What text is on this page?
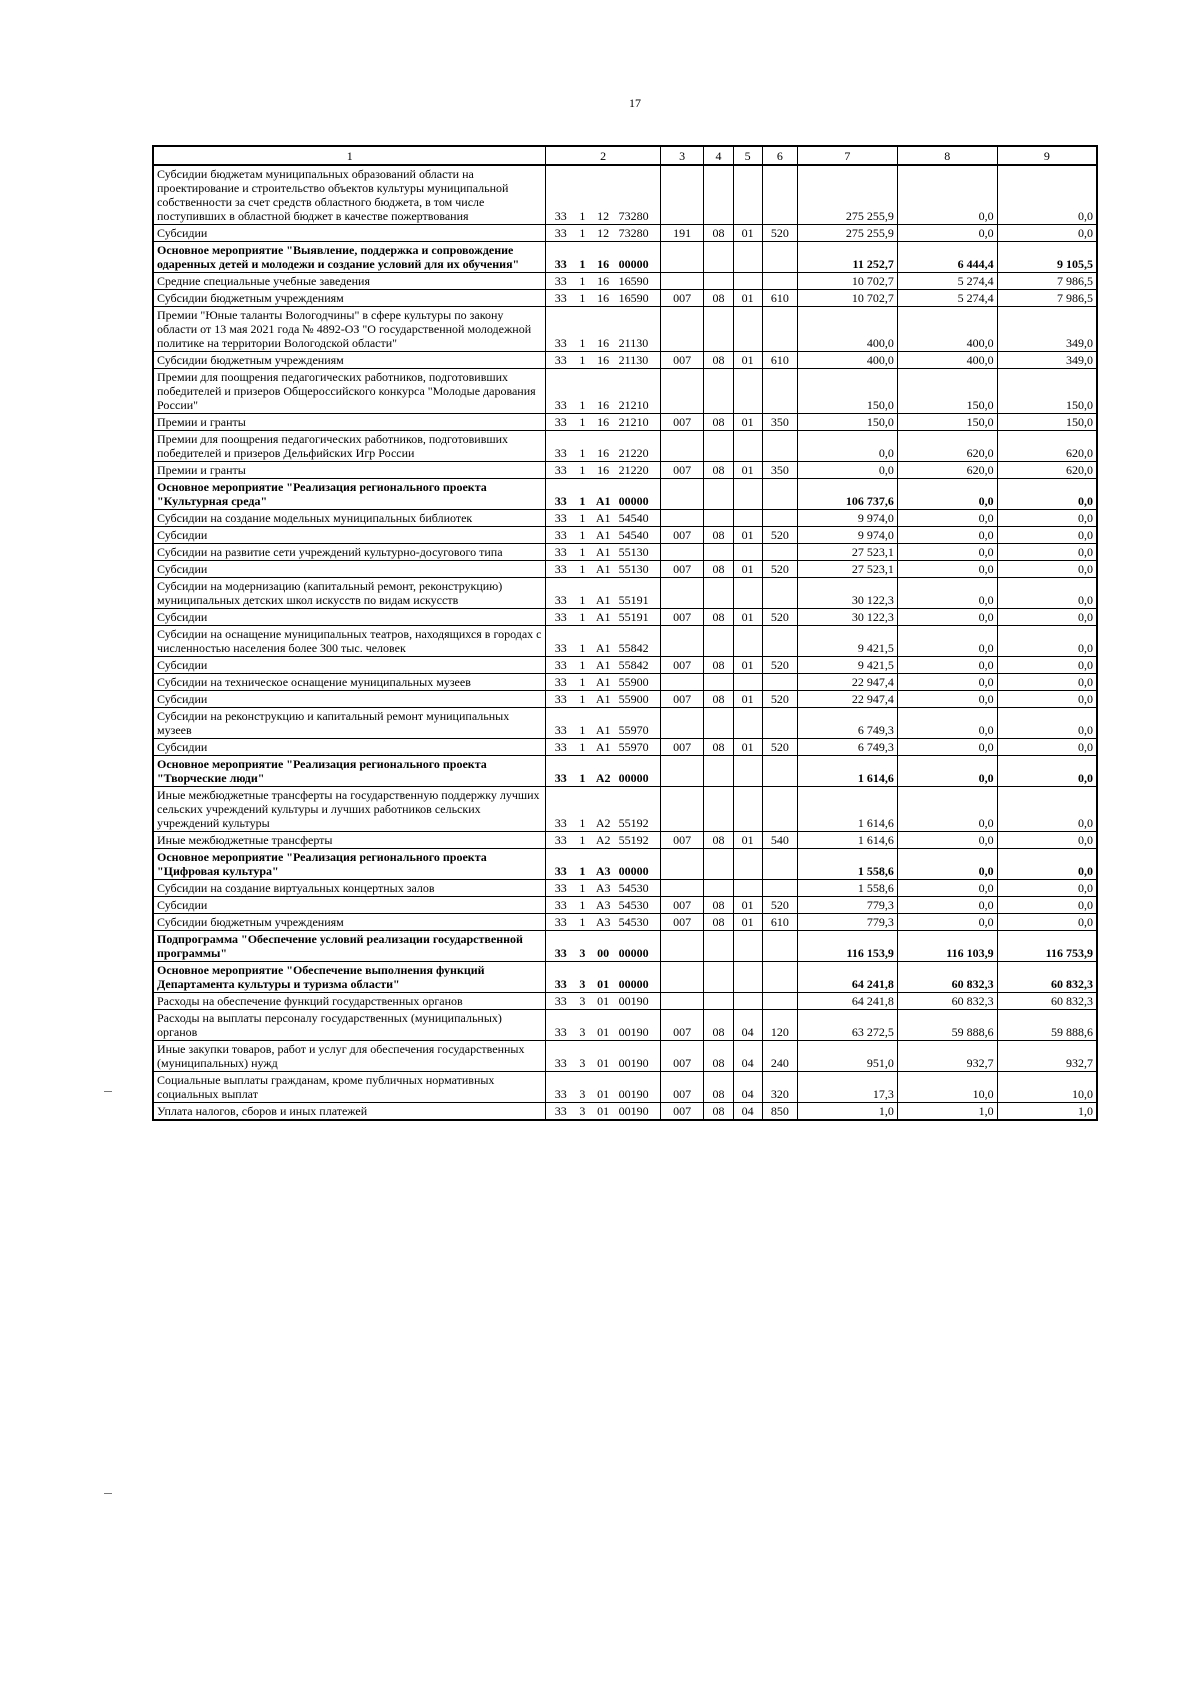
17
1	2				3	4	5	6	7	8	9
Субсидии бюджетам муниципальных образований области на проектирование и строительство объектов культуры муниципальной собственности за счет средств областного бюджета, в том числе поступивших в областной бюджет в качестве пожертвования	33	1	12	73280					275 255,9	0,0	0,0
Субсидии	33	1	12	73280	191	08	01	520	275 255,9	0,0	0,0
Основное мероприятие "Выявление, поддержка и сопровождение одаренных детей и молодежи и создание условий для их обучения"	33	1	16	00000					11 252,7	6 444,4	9 105,5
Средние специальные учебные заведения	33	1	16	16590					10 702,7	5 274,4	7 986,5
Субсидии бюджетным учреждениям	33	1	16	16590	007	08	01	610	10 702,7	5 274,4	7 986,5
Премии "Юные таланты Вологодчины" в сфере культуры по закону области от 13 мая 2021 года № 4892-ОЗ "О государственной молодежной политике на территории Вологодской области"	33	1	16	21130					400,0	400,0	349,0
Субсидии бюджетным учреждениям	33	1	16	21130	007	08	01	610	400,0	400,0	349,0
Премии для поощрения педагогических работников, подготовивших победителей и призеров Общероссийского конкурса "Молодые дарования России"	33	1	16	21210					150,0	150,0	150,0
Премии и гранты	33	1	16	21210	007	08	01	350	150,0	150,0	150,0
Премии для поощрения педагогических работников, подготовивших победителей и призеров Дельфийских Игр России	33	1	16	21220					0,0	620,0	620,0
Премии и гранты	33	1	16	21220	007	08	01	350	0,0	620,0	620,0
Основное мероприятие "Реализация регионального проекта "Культурная среда"	33	1	A1	00000					106 737,6	0,0	0,0
Субсидии на создание модельных муниципальных библиотек	33	1	A1	54540					9 974,0	0,0	0,0
Субсидии	33	1	A1	54540	007	08	01	520	9 974,0	0,0	0,0
Субсидии на развитие сети учреждений культурно-досугового типа	33	1	A1	55130					27 523,1	0,0	0,0
Субсидии	33	1	A1	55130	007	08	01	520	27 523,1	0,0	0,0
Субсидии на модернизацию (капитальный ремонт, реконструкцию) муниципальных детских школ искусств по видам искусств	33	1	A1	55191					30 122,3	0,0	0,0
Субсидии	33	1	A1	55191	007	08	01	520	30 122,3	0,0	0,0
Субсидии на оснащение муниципальных театров, находящихся в городах с численностью населения более 300 тыс. человек	33	1	A1	55842					9 421,5	0,0	0,0
Субсидии	33	1	A1	55842	007	08	01	520	9 421,5	0,0	0,0
Субсидии на техническое оснащение муниципальных музеев	33	1	A1	55900					22 947,4	0,0	0,0
Субсидии	33	1	A1	55900	007	08	01	520	22 947,4	0,0	0,0
Субсидии на реконструкцию и капитальный ремонт муниципальных музеев	33	1	A1	55970					6 749,3	0,0	0,0
Субсидии	33	1	A1	55970	007	08	01	520	6 749,3	0,0	0,0
Основное мероприятие "Реализация регионального проекта "Творческие люди"	33	1	A2	00000					1 614,6	0,0	0,0
Иные межбюджетные трансферты на государственную поддержку лучших сельских учреждений культуры и лучших работников сельских учреждений культуры	33	1	A2	55192					1 614,6	0,0	0,0
Иные межбюджетные трансферты	33	1	A2	55192	007	08	01	540	1 614,6	0,0	0,0
Основное мероприятие "Реализация регионального проекта "Цифровая культура"	33	1	A3	00000					1 558,6	0,0	0,0
Субсидии на создание виртуальных концертных залов	33	1	A3	54530					1 558,6	0,0	0,0
Субсидии	33	1	A3	54530	007	08	01	520	779,3	0,0	0,0
Субсидии бюджетным учреждениям	33	1	A3	54530	007	08	01	610	779,3	0,0	0,0
Подпрограмма "Обеспечение условий реализации государственной программы"	33	3	00	00000					116 153,9	116 103,9	116 753,9
Основное мероприятие "Обеспечение выполнения функций Департамента культуры и туризма области"	33	3	01	00000					64 241,8	60 832,3	60 832,3
Расходы на обеспечение функций государственных органов	33	3	01	00190					64 241,8	60 832,3	60 832,3
Расходы на выплаты персоналу государственных (муниципальных) органов	33	3	01	00190	007	08	04	120	63 272,5	59 888,6	59 888,6
Иные закупки товаров, работ и услуг для обеспечения государственных (муниципальных) нужд	33	3	01	00190	007	08	04	240	951,0	932,7	932,7
Социальные выплаты гражданам, кроме публичных нормативных социальных выплат	33	3	01	00190	007	08	04	320	17,3	10,0	10,0
Уплата налогов, сборов и иных платежей	33	3	01	00190	007	08	04	850	1,0	1,0	1,0
